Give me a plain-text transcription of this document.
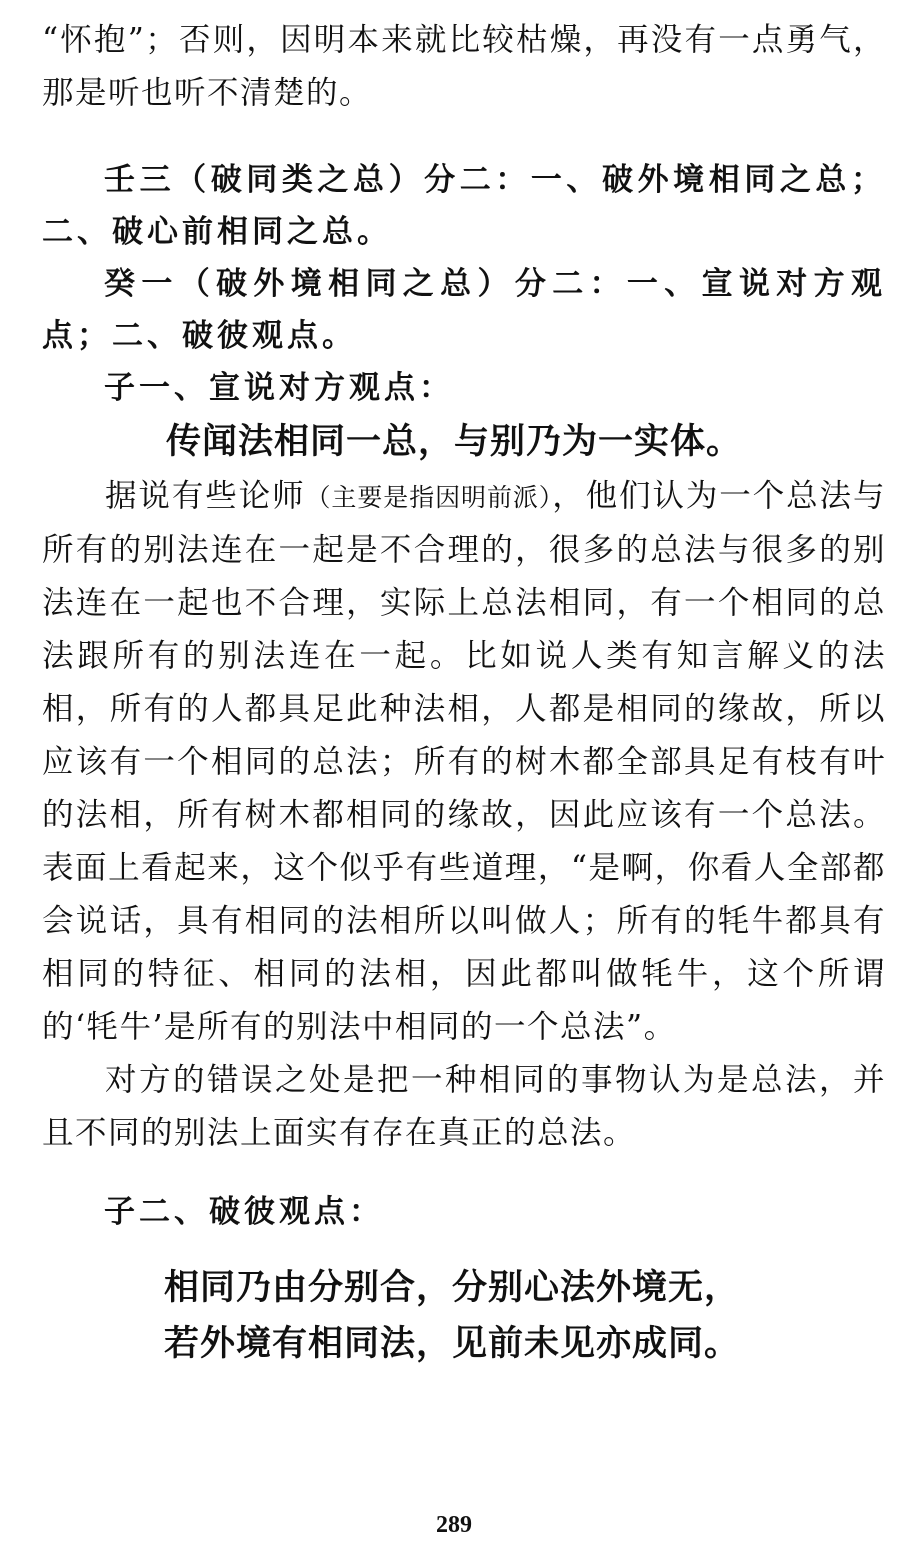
“怀抱”；否则，因明本来就比较枯燥，再没有一点勇气，那是听也听不清楚的。

壬三（破同类之总）分二：一、破外境相同之总；二、破心前相同之总。

癸一（破外境相同之总）分二：一、宣说对方观点；二、破彼观点。

子一、宣说对方观点：

传闻法相同一总，与别乃为一实体。

据说有些论师（主要是指因明前派），他们认为一个总法与所有的别法连在一起是不合理的，很多的总法与很多的别法连在一起也不合理，实际上总法相同，有一个相同的总法跟所有的别法连在一起。比如说人类有知言解义的法相，所有的人都具足此种法相，人都是相同的缘故，所以应该有一个相同的总法；所有的树木都全部具足有枝有叶的法相，所有树木都相同的缘故，因此应该有一个总法。表面上看起来，这个似乎有些道理，“是啊，你看人全部都会说话，具有相同的法相所以叫做人；所有的牦牛都具有相同的特征、相同的法相，因此都叫做牦牛，这个所谓的‘牦牛’是所有的别法中相同的一个总法”。

对方的错误之处是把一种相同的事物认为是总法，并且不同的别法上面实有存在真正的总法。

子二、破彼观点：

相同乃由分别合，分别心法外境无，

若外境有相同法，见前未见亦成同。

289
